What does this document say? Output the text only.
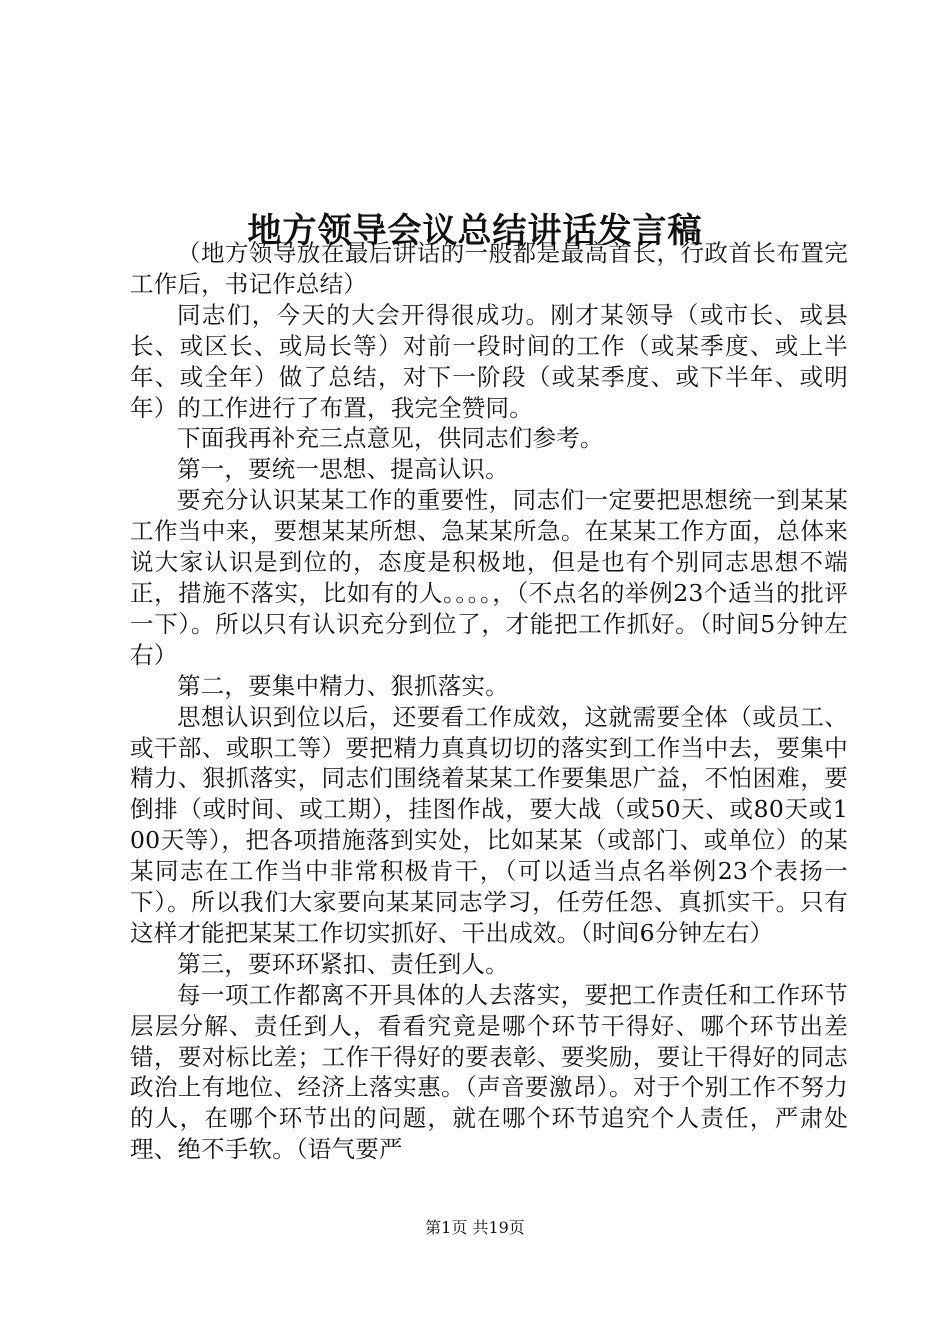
地方领导会议总结讲话发言稿

（地方领导放在最后讲话的一般都是最高首长，行政首长布置完工作后，书记作总结）

同志们，今天的大会开得很成功。刚才某领导（或市长、或县长、或区长、或局长等）对前一段时间的工作（或某季度、或上半年、或全年）做了总结，对下一阶段（或某季度、或下半年、或明年）的工作进行了布置，我完全赞同。

下面我再补充三点意见，供同志们参考。

第一，要统一思想、提高认识。

要充分认识某某工作的重要性，同志们一定要把思想统一到某某工作当中来，要想某某所想、急某某所急。在某某工作方面，总体来说大家认识是到位的，态度是积极地，但是也有个别同志思想不端正，措施不落实，比如有的人。。。。，（不点名的举例23个适当的批评一下）。所以只有认识充分到位了，才能把工作抓好。（时间5分钟左右）

第二，要集中精力、狠抓落实。

思想认识到位以后，还要看工作成效，这就需要全体（或员工、或干部、或职工等）要把精力真真切切的落实到工作当中去，要集中精力、狠抓落实，同志们围绕着某某工作要集思广益，不怕困难，要倒排（或时间、或工期），挂图作战，要大战（或50天、或80天或100天等），把各项措施落到实处，比如某某（或部门、或单位）的某某同志在工作当中非常积极肯干，（可以适当点名举例23个表扬一下）。所以我们大家要向某某同志学习，任劳任怨、真抓实干。只有这样才能把某某工作切实抓好、干出成效。（时间6分钟左右）

第三，要环环紧扣、责任到人。

每一项工作都离不开具体的人去落实，要把工作责任和工作环节层层分解、责任到人，看看究竟是哪个环节干得好、哪个环节出差错，要对标比差；工作干得好的要表彰、要奖励，要让干得好的同志政治上有地位、经济上落实惠。（声音要激昂）。对于个别工作不努力的人，在哪个环节出的问题，就在哪个环节追究个人责任，严肃处理、绝不手软。（语气要严

第1页 共19页
